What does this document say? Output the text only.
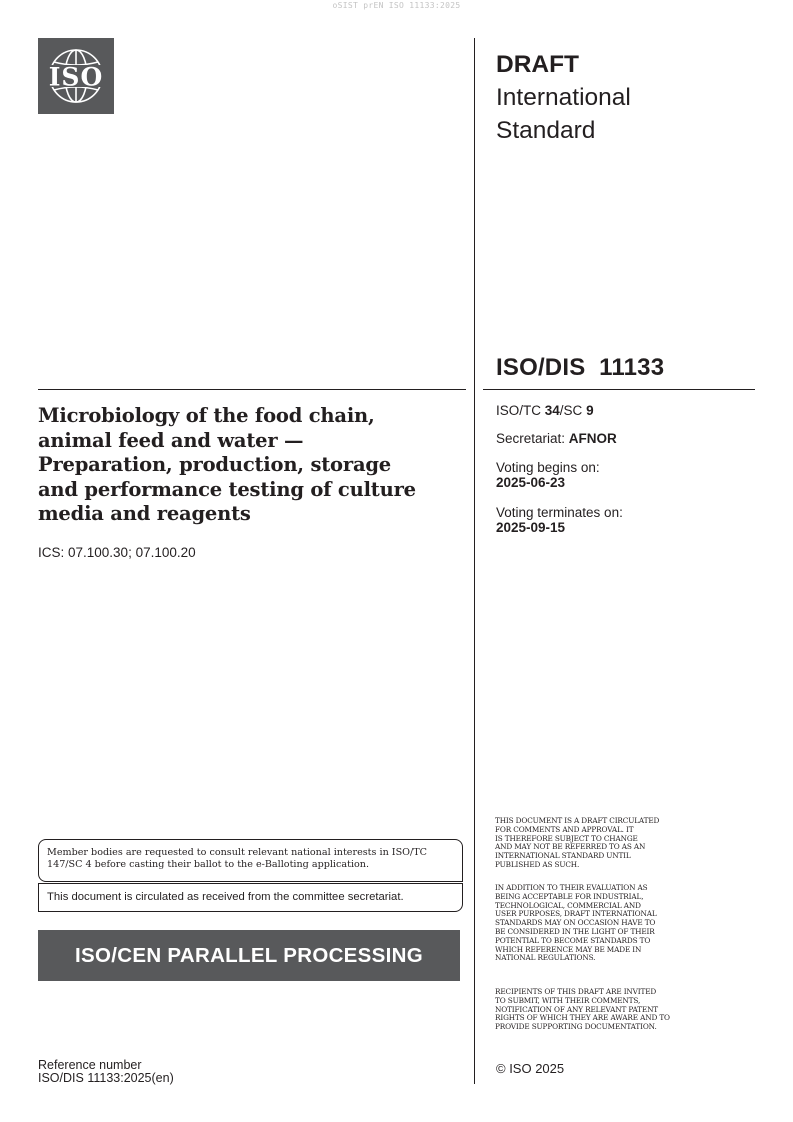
oSIST prEN ISO 11133:2025
ISO	DRAFT
International
Standard
ISO/DIS  11133
Microbiology of the food chain,
animal feed and water —
Preparation, production, storage
and performance testing of culture
media and reagents
ICS: 07.100.30; 07.100.20
ISO/TC 34/SC 9
Secretariat: AFNOR
Voting begins on:
2025-06-23
Voting terminates on:
2025-09-15
Member bodies are requested to consult relevant national interests in ISO/TC 147/SC 4 before casting their ballot to the e-Balloting application.
This document is circulated as received from the committee secretariat.
ISO/CEN PARALLEL PROCESSING
THIS DOCUMENT IS A DRAFT CIRCULATED
FOR COMMENTS AND APPROVAL. IT
IS THEREFORE SUBJECT TO CHANGE
AND MAY NOT BE REFERRED TO AS AN
INTERNATIONAL STANDARD UNTIL
PUBLISHED AS SUCH.
IN ADDITION TO THEIR EVALUATION AS
BEING ACCEPTABLE FOR INDUSTRIAL,
TECHNOLOGICAL, COMMERCIAL AND
USER PURPOSES, DRAFT INTERNATIONAL
STANDARDS MAY ON OCCASION HAVE TO
BE CONSIDERED IN THE LIGHT OF THEIR
POTENTIAL TO BECOME STANDARDS TO
WHICH REFERENCE MAY BE MADE IN
NATIONAL REGULATIONS.
RECIPIENTS OF THIS DRAFT ARE INVITED
TO SUBMIT, WITH THEIR COMMENTS,
NOTIFICATION OF ANY RELEVANT PATENT
RIGHTS OF WHICH THEY ARE AWARE AND TO
PROVIDE SUPPORTING DOCUMENTATION.
© ISO 2025
Reference number
ISO/DIS 11133:2025(en)
